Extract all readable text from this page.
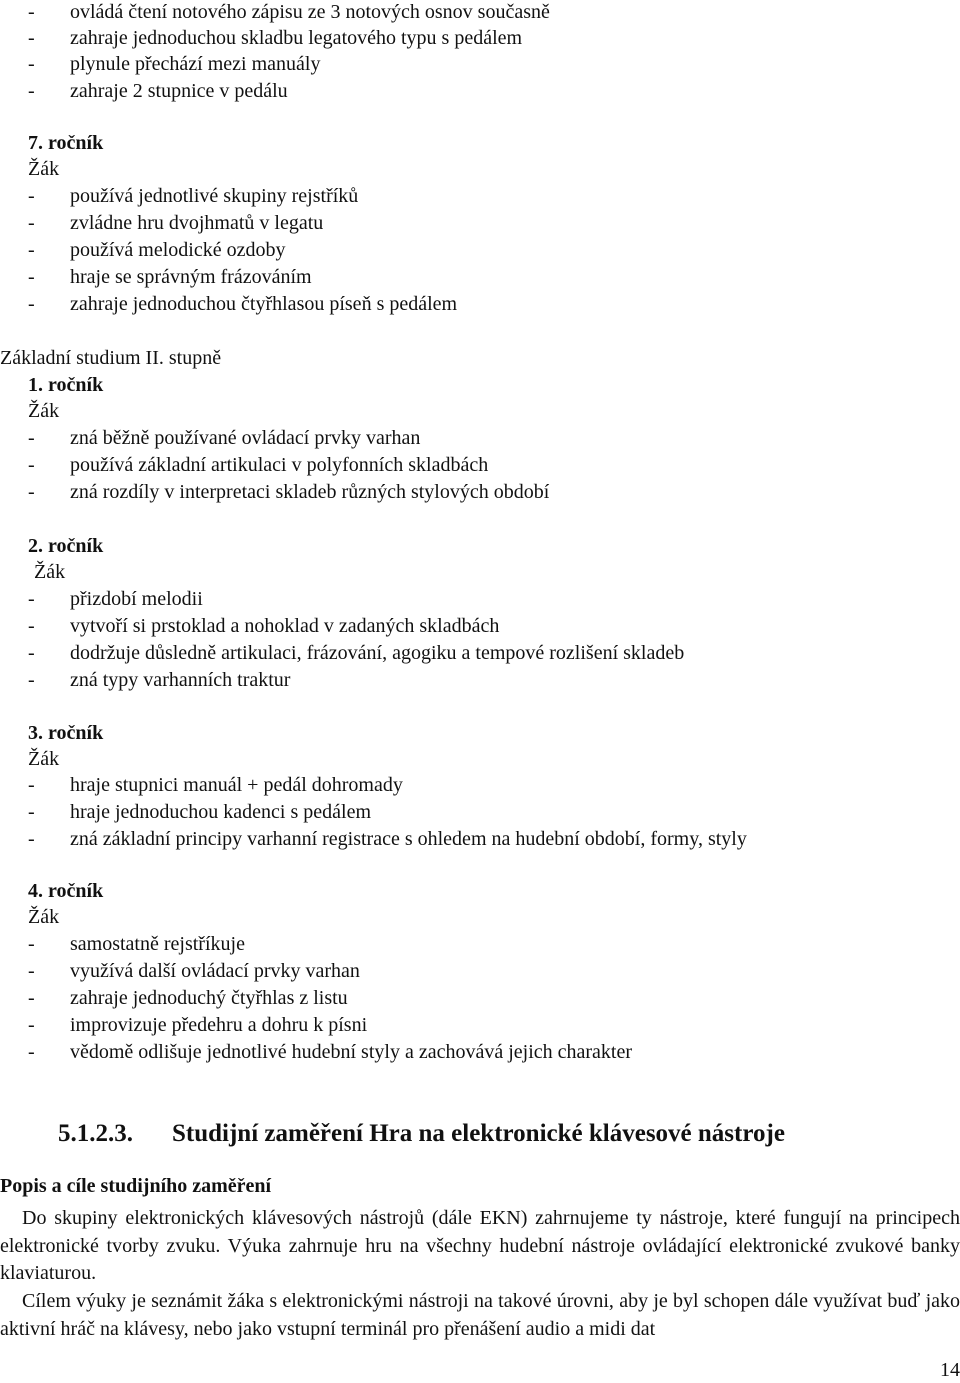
- ovládá čtení notového zápisu ze 3 notových osnov současně
- zahraje jednoduchou skladbu legatového typu s pedálem
- plynule přechází mezi manuály
- zahraje 2 stupnice v pedálu
7. ročník
Žák
- používá jednotlivé skupiny rejstříků
- zvládne hru dvojhmatů v legatu
- používá melodické ozdoby
- hraje se správným frázováním
- zahraje jednoduchou čtyřhlasou píseň s pedálem
Základní studium II. stupně
1. ročník
Žák
- zná běžně používané ovládací prvky varhan
- používá základní artikulaci v polyfonních skladbách
- zná rozdíly v interpretaci skladeb různých stylových období
2. ročník
Žák
- přizdobí melodii
- vytvoří si prstoklad a nohoklad v zadaných skladbách
- dodržuje důsledně artikulaci, frázování, agogiku a tempové rozlišení skladeb
- zná typy varhanních traktur
3. ročník
Žák
- hraje stupnici manuál + pedál dohromady
- hraje jednoduchou kadenci s pedálem
- zná základní principy varhanní registrace s ohledem na hudební období, formy, styly
4. ročník
Žák
- samostatně rejstříkuje
- využívá další ovládací prvky varhan
- zahraje jednoduchý čtyřhlas z listu
- improvizuje předehru a dohru k písni
- vědomě odlišuje jednotlivé hudební styly a zachovává jejich charakter
5.1.2.3. Studijní zaměření Hra na elektronické klávesové nástroje
Popis a cíle studijního zaměření
Do skupiny elektronických klávesových nástrojů (dále EKN) zahrnujeme ty nástroje, které fungují na principech elektronické tvorby zvuku. Výuka zahrnuje hru na všechny hudební nástroje ovládající elektronické zvukové banky klaviaturou.
Cílem výuky je seznámit žáka s elektronickými nástroji na takové úrovni, aby je byl schopen dále využívat buď jako aktivní hráč na klávesy, nebo jako vstupní terminál pro přenášení audio a midi dat
14
